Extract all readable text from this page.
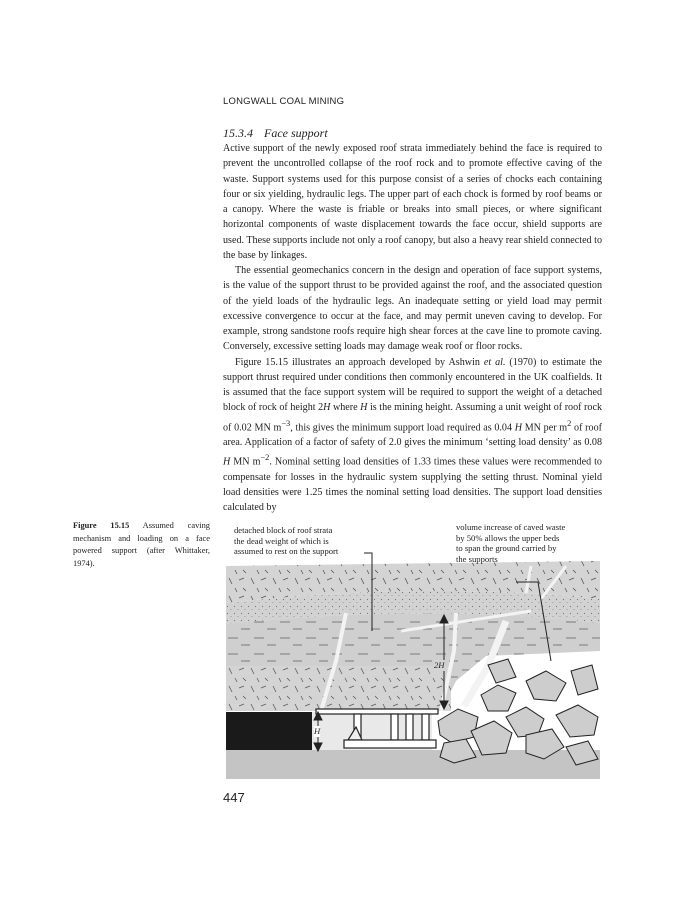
LONGWALL COAL MINING
15.3.4 Face support

Active support of the newly exposed roof strata immediately behind the face is required to prevent the uncontrolled collapse of the roof rock and to promote effective caving of the waste. Support systems used for this purpose consist of a series of chocks each containing four or six yielding, hydraulic legs. The upper part of each chock is formed by roof beams or a canopy. Where the waste is friable or breaks into small pieces, or where significant horizontal components of waste displacement towards the face occur, shield supports are used. These supports include not only a roof canopy, but also a heavy rear shield connected to the base by linkages.

The essential geomechanics concern in the design and operation of face support systems, is the value of the support thrust to be provided against the roof, and the associated question of the yield loads of the hydraulic legs. An inadequate setting or yield load may permit excessive convergence to occur at the face, and may permit uneven caving to develop. For example, strong sandstone roofs require high shear forces at the cave line to promote caving. Conversely, excessive setting loads may damage weak roof or floor rocks.

Figure 15.15 illustrates an approach developed by Ashwin et al. (1970) to estimate the support thrust required under conditions then commonly encountered in the UK coalfields. It is assumed that the face support system will be required to support the weight of a detached block of rock of height 2H where H is the mining height. Assuming a unit weight of roof rock of 0.02 MN $m^{-3}$, this gives the minimum support load required as 0.04 H MN per $m^2$ of roof area. Application of a factor of safety of 2.0 gives the minimum ‘setting load density’ as 0.08 H MN $m^{-2}$. Nominal setting load densities of 1.33 times these values were recommended to compensate for losses in the hydraulic system supplying the setting thrust. Nominal yield load densities were 1.25 times the nominal setting load densities. The support load densities calculated by

Figure 15.15 Assumed caving mechanism and loading on a face powered support (after Whittaker, 1974).
detached block of roof strata
the dead weight of which is
assumed to rest on the support
volume increase of caved waste
by 50% allows the upper beds
to span the ground carried by
the supports
2H
H
447
